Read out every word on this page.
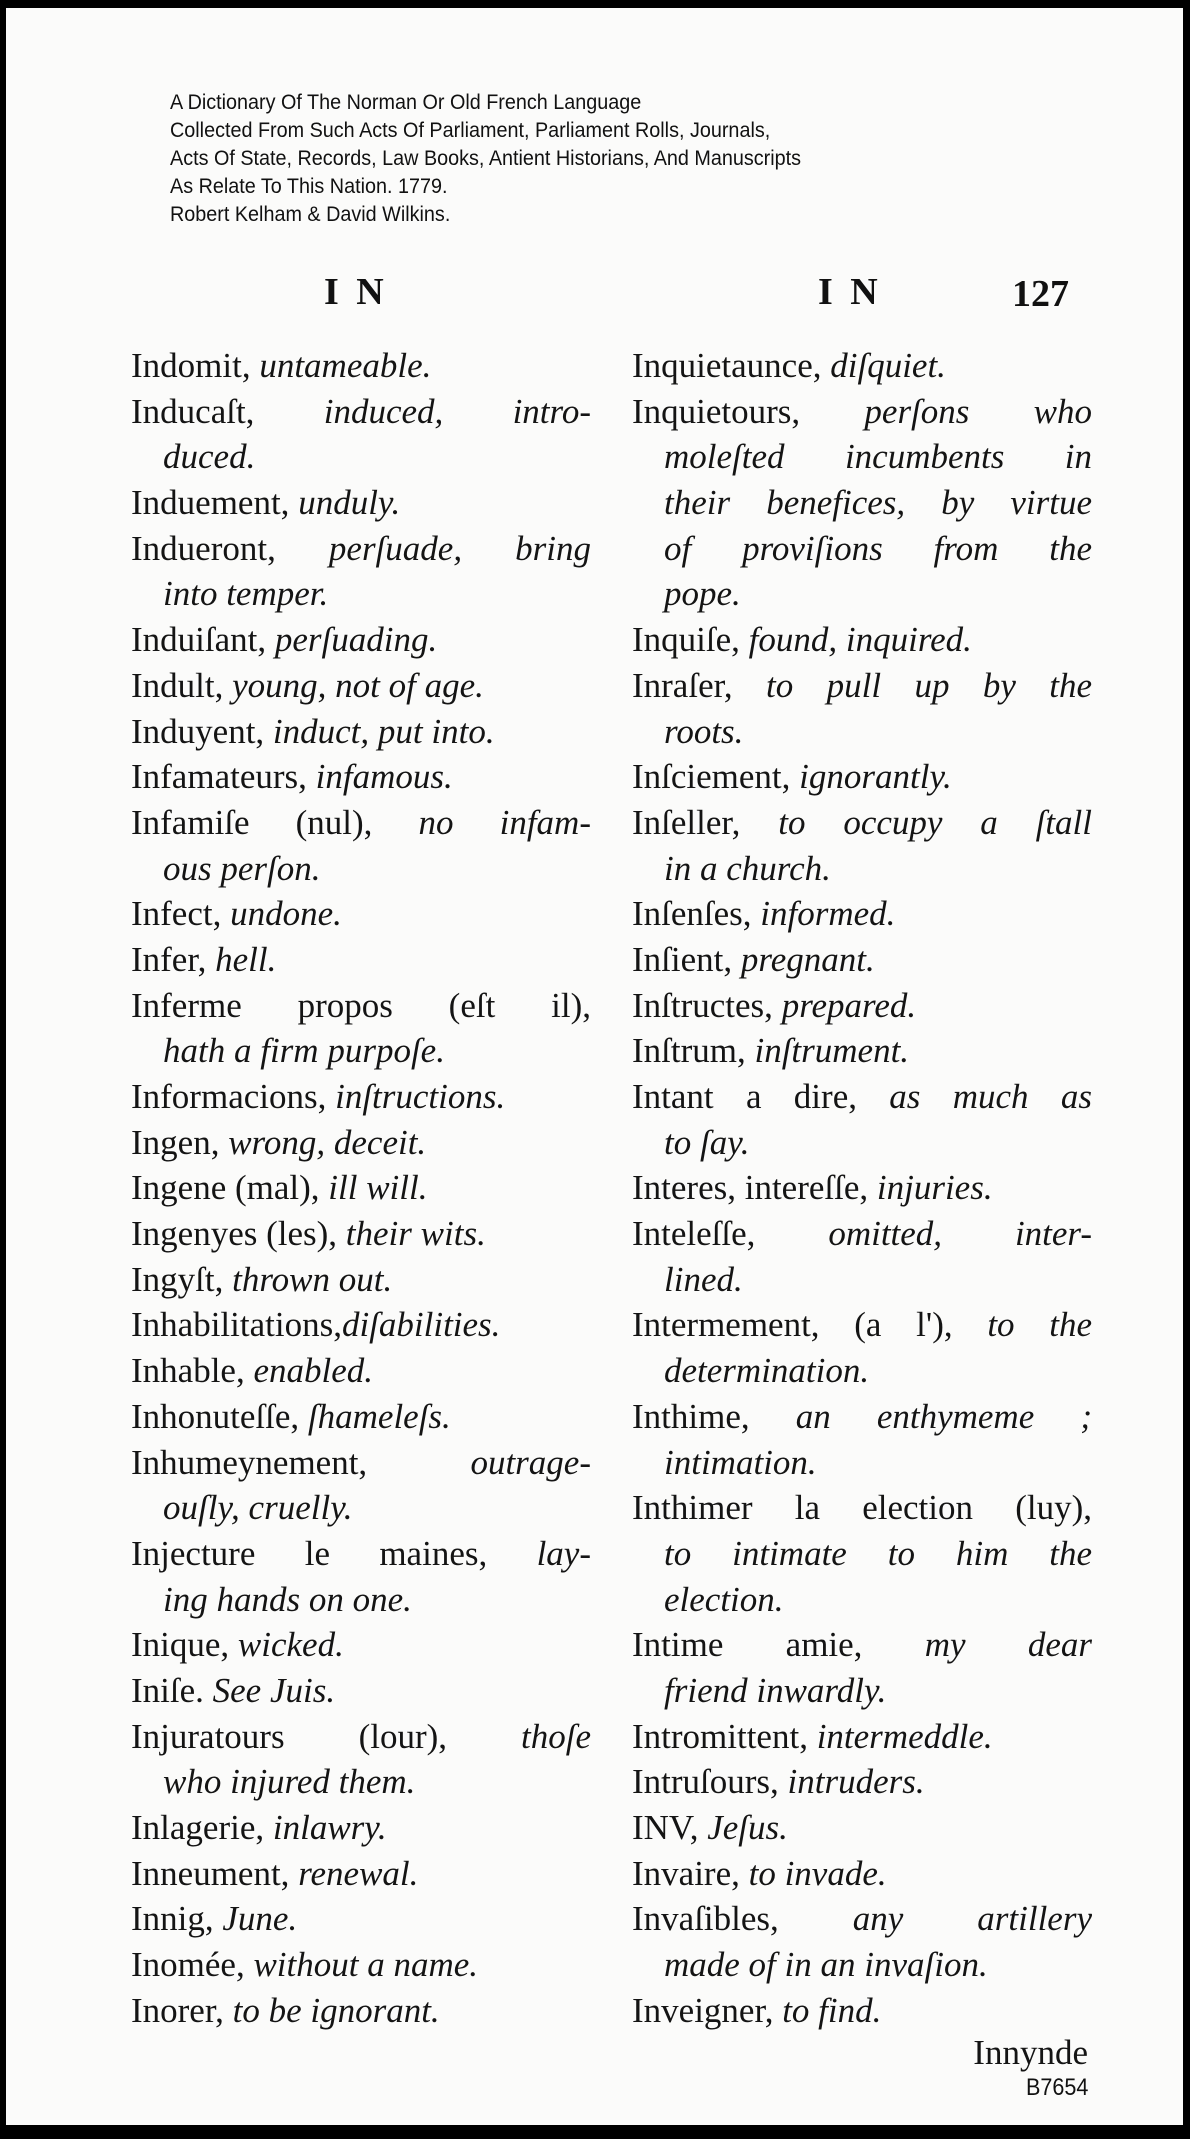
A Dictionary Of The Norman Or Old French Language
Collected From Such Acts Of Parliament, Parliament Rolls, Journals,
Acts Of State, Records, Law Books, Antient Historians, And Manuscripts
As Relate To This Nation. 1779.
Robert Kelham & David Wilkins.
I N	I N	127
Indomit, untameable.
Inducaſt, induced, intro-
duced.
Induement, unduly.
Indueront, perſuade, bring
into temper.
Induiſant, perſuading.
Indult, young, not of age.
Induyent, induct, put into.
Infamateurs, infamous.
Infamiſe (nul), no infam-
ous perſon.
Infect, undone.
Infer, hell.
Inferme propos (eſt il),
hath a firm purpoſe.
Informacions, inſtructions.
Ingen, wrong, deceit.
Ingene (mal), ill will.
Ingenyes (les), their wits.
Ingyſt, thrown out.
Inhabilitations,diſabilities.
Inhable, enabled.
Inhonuteſſe, ſhameleſs.
Inhumeynement, outrage-
ouſly, cruelly.
Injecture le maines, lay-
ing hands on one.
Inique, wicked.
Iniſe. See Juis.
Injuratours (lour), thoſe
who injured them.
Inlagerie, inlawry.
Inneument, renewal.
Innig, June.
Inomée, without a name.
Inorer, to be ignorant.
Inquietaunce, diſquiet.
Inquietours, perſons who
moleſted incumbents in
their benefices, by virtue
of proviſions from the
pope.
Inquiſe, found, inquired.
Inraſer, to pull up by the
roots.
Inſciement, ignorantly.
Inſeller, to occupy a ſtall
in a church.
Inſenſes, informed.
Inſient, pregnant.
Inſtructes, prepared.
Inſtrum, inſtrument.
Intant a dire, as much as
to ſay.
Interes, intereſſe, injuries.
Inteleſſe, omitted, inter-
lined.
Intermement, (a l'), to the
determination.
Inthime, an enthymeme ;
intimation.
Inthimer la election (luy),
to intimate to him the
election.
Intime amie, my dear
friend inwardly.
Intromittent, intermeddle.
Intruſours, intruders.
INV, Jeſus.
Invaire, to invade.
Invaſibles, any artillery
made of in an invaſion.
Inveigner, to find.
Innynde
B7654
